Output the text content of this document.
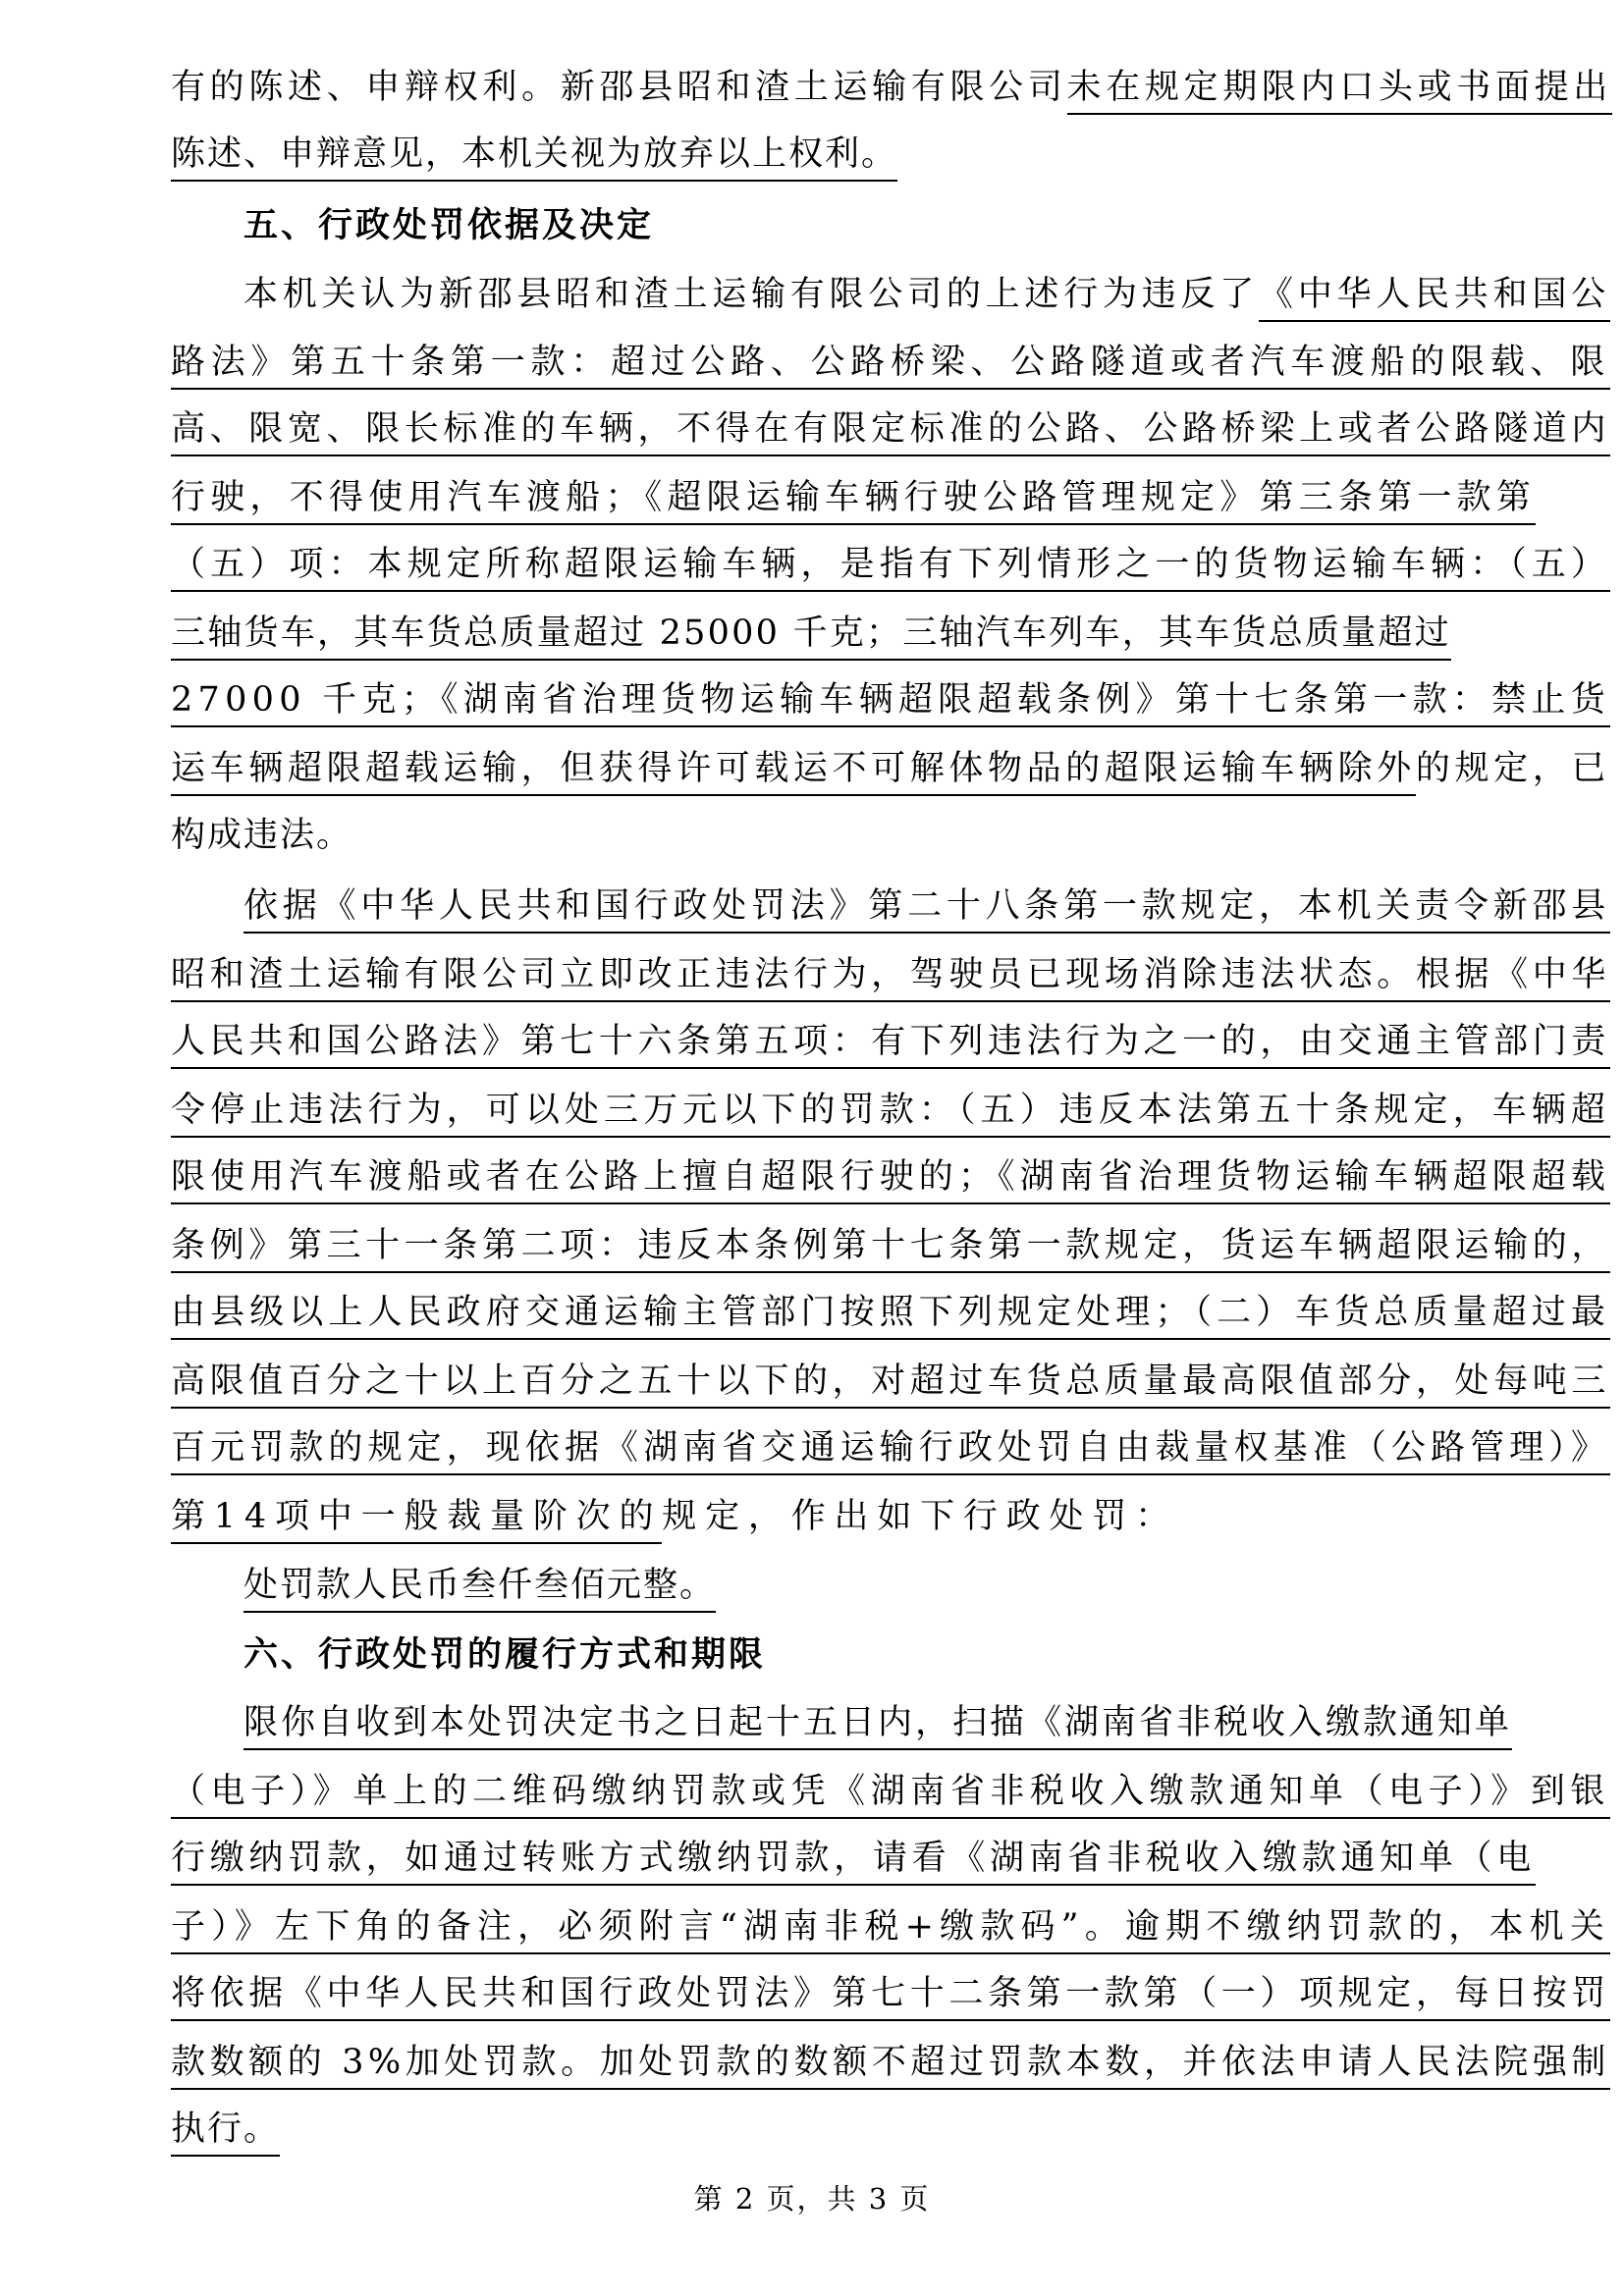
有的陈述、申辩权利。新邵县昭和渣土运输有限公司未在规定期限内口头或书面提出
陈述、申辩意见，本机关视为放弃以上权利。
五、行政处罚依据及决定
本机关认为新邵县昭和渣土运输有限公司的上述行为违反了《中华人民共和国公
路法》第五十条第一款：超过公路、公路桥梁、公路隧道或者汽车渡船的限载、限
高、限宽、限长标准的车辆，不得在有限定标准的公路、公路桥梁上或者公路隧道内
行驶，不得使用汽车渡船；《超限运输车辆行驶公路管理规定》第三条第一款第
（五）项：本规定所称超限运输车辆，是指有下列情形之一的货物运输车辆：（五）
三轴货车，其车货总质量超过 25000 千克；三轴汽车列车，其车货总质量超过
27000 千克；《湖南省治理货物运输车辆超限超载条例》第十七条第一款：禁止货
运车辆超限超载运输，但获得许可载运不可解体物品的超限运输车辆除外的规定，已
构成违法。
依据《中华人民共和国行政处罚法》第二十八条第一款规定，本机关责令新邵县
昭和渣土运输有限公司立即改正违法行为，驾驶员已现场消除违法状态。根据《中华
人民共和国公路法》第七十六条第五项：有下列违法行为之一的，由交通主管部门责
令停止违法行为，可以处三万元以下的罚款：（五）违反本法第五十条规定，车辆超
限使用汽车渡船或者在公路上擅自超限行驶的；《湖南省治理货物运输车辆超限超载
条例》第三十一条第二项：违反本条例第十七条第一款规定，货运车辆超限运输的，
由县级以上人民政府交通运输主管部门按照下列规定处理；（二）车货总质量超过最
高限值百分之十以上百分之五十以下的，对超过车货总质量最高限值部分，处每吨三
百元罚款的规定，现依据《湖南省交通运输行政处罚自由裁量权基准（公路管理）》
第14项中一般裁量阶次的规定，作出如下行政处罚：
处罚款人民币叁仟叁佰元整。
六、行政处罚的履行方式和期限
限你自收到本处罚决定书之日起十五日内，扫描《湖南省非税收入缴款通知单
（电子）》单上的二维码缴纳罚款或凭《湖南省非税收入缴款通知单（电子）》到银
行缴纳罚款，如通过转账方式缴纳罚款，请看《湖南省非税收入缴款通知单（电
子）》左下角的备注，必须附言“湖南非税+缴款码”。逾期不缴纳罚款的，本机关
将依据《中华人民共和国行政处罚法》第七十二条第一款第（一）项规定，每日按罚
款数额的 3%加处罚款。加处罚款的数额不超过罚款本数，并依法申请人民法院强制
执行。
第 2 页，共 3 页
